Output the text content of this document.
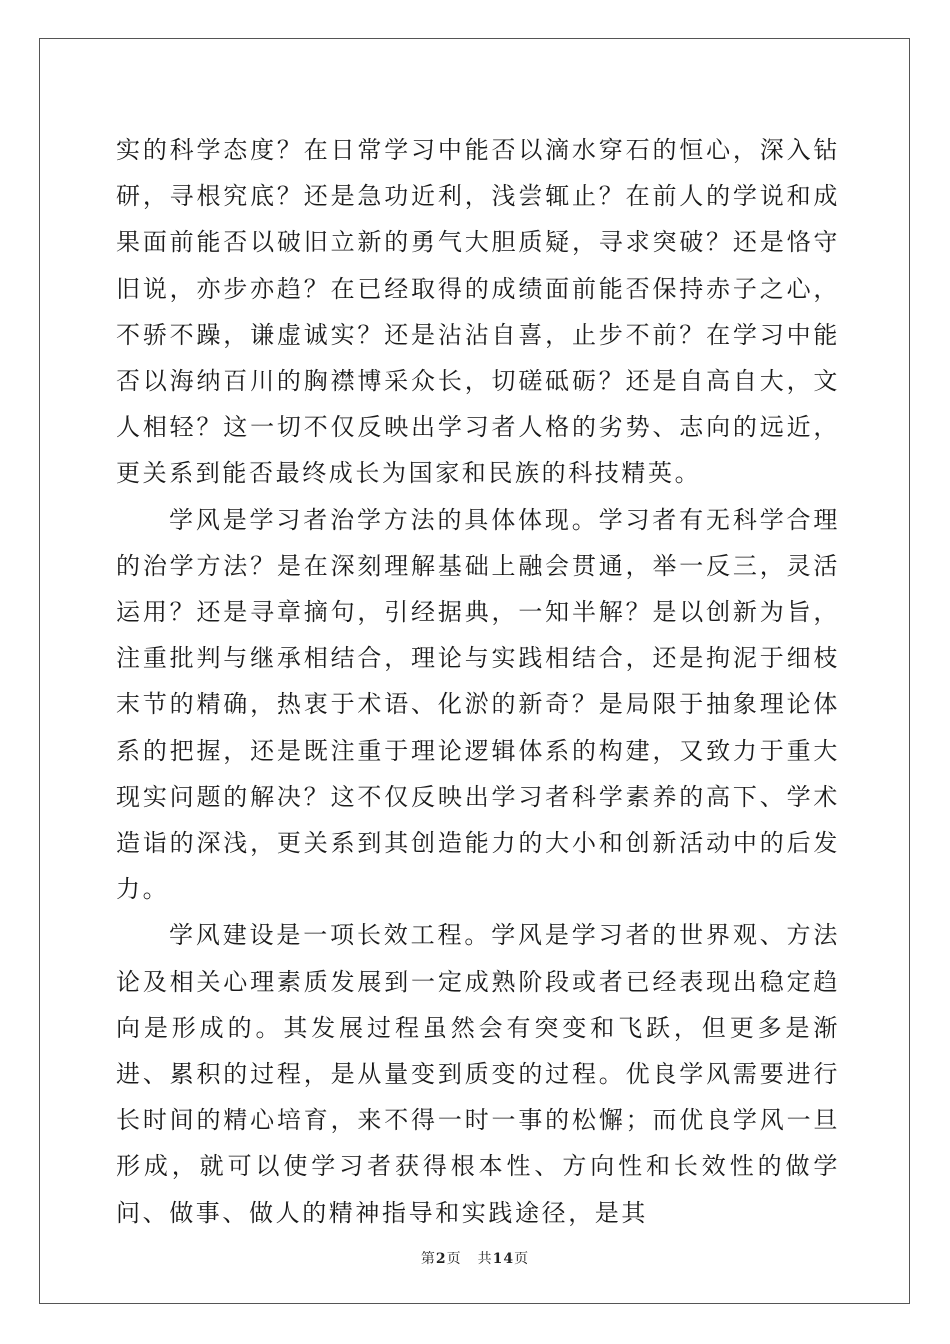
实的科学态度？在日常学习中能否以滴水穿石的恒心，深入钻研，寻根究底？还是急功近利，浅尝辄止？在前人的学说和成果面前能否以破旧立新的勇气大胆质疑，寻求突破？还是恪守旧说，亦步亦趋？在已经取得的成绩面前能否保持赤子之心，不骄不躁，谦虚诚实？还是沾沾自喜，止步不前？在学习中能否以海纳百川的胸襟博采众长，切磋砥砺？还是自高自大，文人相轻？这一切不仅反映出学习者人格的劣势、志向的远近，更关系到能否最终成长为国家和民族的科技精英。

学风是学习者治学方法的具体体现。学习者有无科学合理的治学方法？是在深刻理解基础上融会贯通，举一反三，灵活运用？还是寻章摘句，引经据典，一知半解？是以创新为旨，注重批判与继承相结合，理论与实践相结合，还是拘泥于细枝末节的精确，热衷于术语、化淤的新奇？是局限于抽象理论体系的把握，还是既注重于理论逻辑体系的构建，又致力于重大现实问题的解决？这不仅反映出学习者科学素养的高下、学术造诣的深浅，更关系到其创造能力的大小和创新活动中的后发力。

学风建设是一项长效工程。学风是学习者的世界观、方法论及相关心理素质发展到一定成熟阶段或者已经表现出稳定趋向是形成的。其发展过程虽然会有突变和飞跃，但更多是渐进、累积的过程，是从量变到质变的过程。优良学风需要进行长时间的精心培育，来不得一时一事的松懈；而优良学风一旦形成，就可以使学习者获得根本性、方向性和长效性的做学问、做事、做人的精神指导和实践途径，是其

第2页 共14页
